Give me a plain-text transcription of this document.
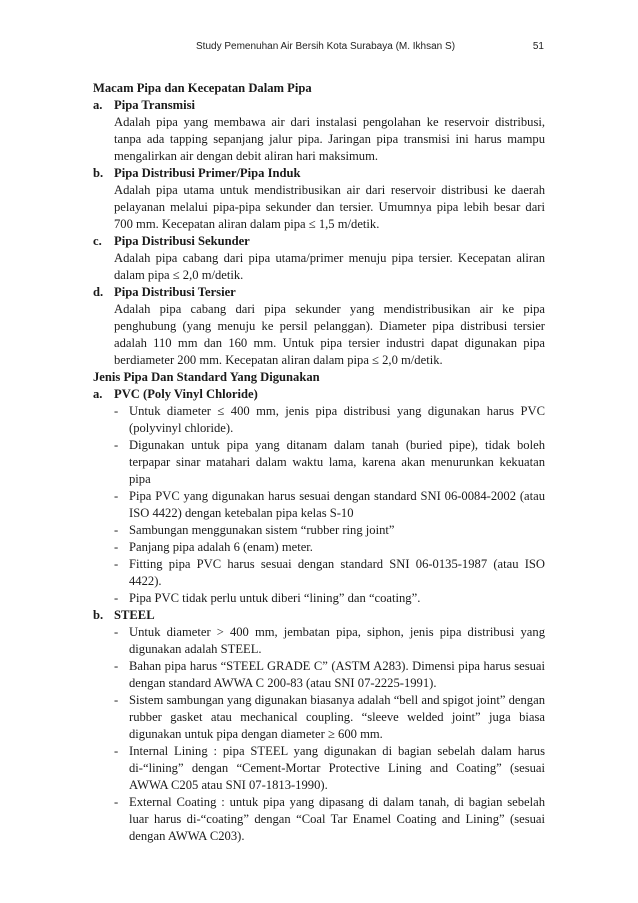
Study Pemenuhan Air Bersih Kota Surabaya (M. Ikhsan S)	51
Macam Pipa dan Kecepatan Dalam Pipa
a. Pipa Transmisi
Adalah pipa yang membawa air dari instalasi pengolahan ke reservoir distribusi, tanpa ada tapping sepanjang jalur pipa. Jaringan pipa transmisi ini harus mampu mengalirkan air dengan debit aliran hari maksimum.
b. Pipa Distribusi Primer/Pipa Induk
Adalah pipa utama untuk mendistribusikan air dari reservoir distribusi ke daerah pelayanan melalui pipa-pipa sekunder dan tersier. Umumnya pipa lebih besar dari 700 mm. Kecepatan aliran dalam pipa ≤ 1,5 m/detik.
c. Pipa Distribusi Sekunder
Adalah pipa cabang dari pipa utama/primer menuju pipa tersier. Kecepatan aliran dalam pipa ≤ 2,0 m/detik.
d. Pipa Distribusi Tersier
Adalah pipa cabang dari pipa sekunder yang mendistribusikan air ke pipa penghubung (yang menuju ke persil pelanggan). Diameter pipa distribusi tersier adalah 110 mm dan 160 mm. Untuk pipa tersier industri dapat digunakan pipa berdiameter 200 mm. Kecepatan aliran dalam pipa ≤ 2,0 m/detik.
Jenis Pipa Dan Standard Yang Digunakan
a. PVC (Poly Vinyl Chloride)
- Untuk diameter ≤ 400 mm, jenis pipa distribusi yang digunakan harus PVC (polyvinyl chloride).
- Digunakan untuk pipa yang ditanam dalam tanah (buried pipe), tidak boleh terpapar sinar matahari dalam waktu lama, karena akan menurunkan kekuatan pipa
- Pipa PVC yang digunakan harus sesuai dengan standard SNI 06-0084-2002 (atau ISO 4422) dengan ketebalan pipa kelas S-10
- Sambungan menggunakan sistem “rubber ring joint”
- Panjang pipa adalah 6 (enam) meter.
- Fitting pipa PVC harus sesuai dengan standard SNI 06-0135-1987 (atau ISO 4422).
- Pipa PVC tidak perlu untuk diberi “lining” dan “coating”.
b. STEEL
- Untuk diameter > 400 mm, jembatan pipa, siphon, jenis pipa distribusi yang digunakan adalah STEEL.
- Bahan pipa harus “STEEL GRADE C” (ASTM A283). Dimensi pipa harus sesuai dengan standard AWWA C 200-83 (atau SNI 07-2225-1991).
- Sistem sambungan yang digunakan biasanya adalah “bell and spigot joint” dengan rubber gasket atau mechanical coupling. “sleeve welded joint” juga biasa digunakan untuk pipa dengan diameter ≥ 600 mm.
- Internal Lining : pipa STEEL yang digunakan di bagian sebelah dalam harus di-“lining” dengan “Cement-Mortar Protective Lining and Coating” (sesuai AWWA C205 atau SNI 07-1813-1990).
- External Coating : untuk pipa yang dipasang di dalam tanah, di bagian sebelah luar harus di-“coating” dengan “Coal Tar Enamel Coating and Lining” (sesuai dengan AWWA C203).
